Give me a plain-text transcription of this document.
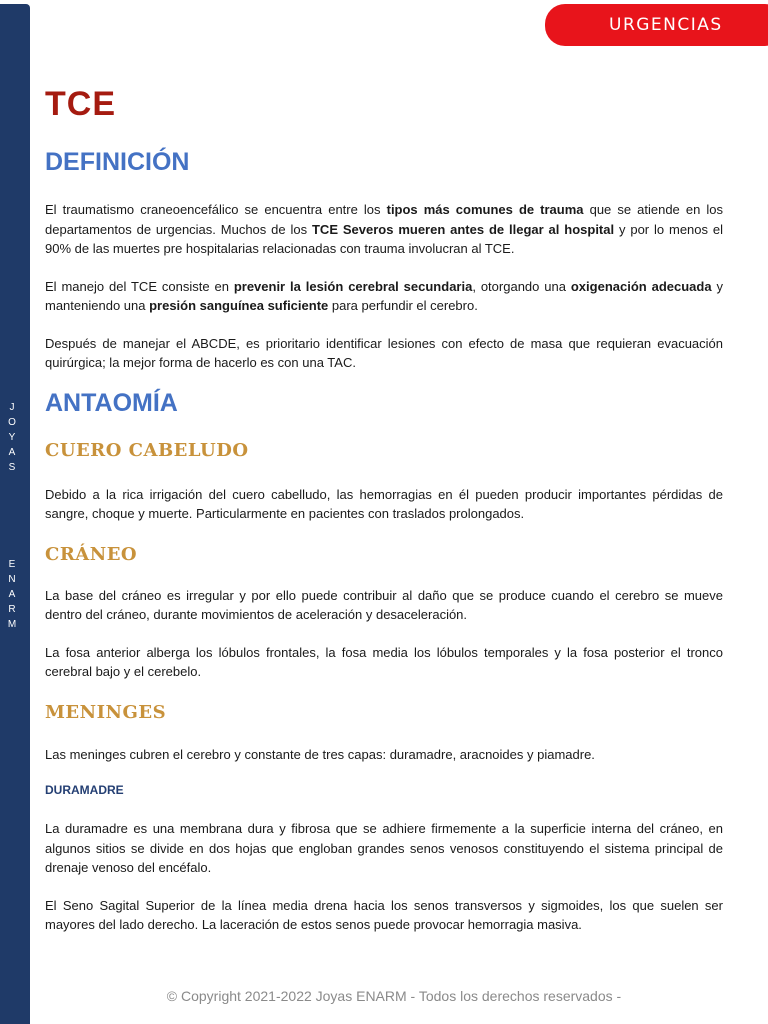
J
O
Y
A
S
E
N
A
R
M
URGENCIAS
TCE
DEFINICIÓN

El traumatismo craneoencefálico se encuentra entre los tipos más comunes de trauma que se atiende en los departamentos de urgencias. Muchos de los TCE Severos mueren antes de llegar al hospital y por lo menos el 90% de las muertes pre hospitalarias relacionadas con trauma involucran al TCE.

El manejo del TCE consiste en prevenir la lesión cerebral secundaria, otorgando una oxigenación adecuada y manteniendo una presión sanguínea suficiente para perfundir el cerebro.

Después de manejar el ABCDE, es prioritario identificar lesiones con efecto de masa que requieran evacuación quirúrgica; la mejor forma de hacerlo es con una TAC.

ANTAOMÍA
CUERO CABELUDO

Debido a la rica irrigación del cuero cabelludo, las hemorragias en él pueden producir importantes pérdidas de sangre, choque y muerte. Particularmente en pacientes con traslados prolongados.

CRÁNEO

La base del cráneo es irregular y por ello puede contribuir al daño que se produce cuando el cerebro se mueve dentro del cráneo, durante movimientos de aceleración y desaceleración.

La fosa anterior alberga los lóbulos frontales, la fosa media los lóbulos temporales y la fosa posterior el tronco cerebral bajo y el cerebelo.

MENINGES

Las meninges cubren el cerebro y constante de tres capas: duramadre, aracnoides y piamadre.

DURAMADRE

La duramadre es una membrana dura y fibrosa que se adhiere firmemente a la superficie interna del cráneo, en algunos sitios se divide en dos hojas que engloban grandes senos venosos constituyendo el sistema principal de drenaje venoso del encéfalo.

El Seno Sagital Superior de la línea media drena hacia los senos transversos y sigmoides, los que suelen ser mayores del lado derecho. La laceración de estos senos puede provocar hemorragia masiva.

© Copyright 2021-2022 Joyas ENARM - Todos los derechos reservados -
